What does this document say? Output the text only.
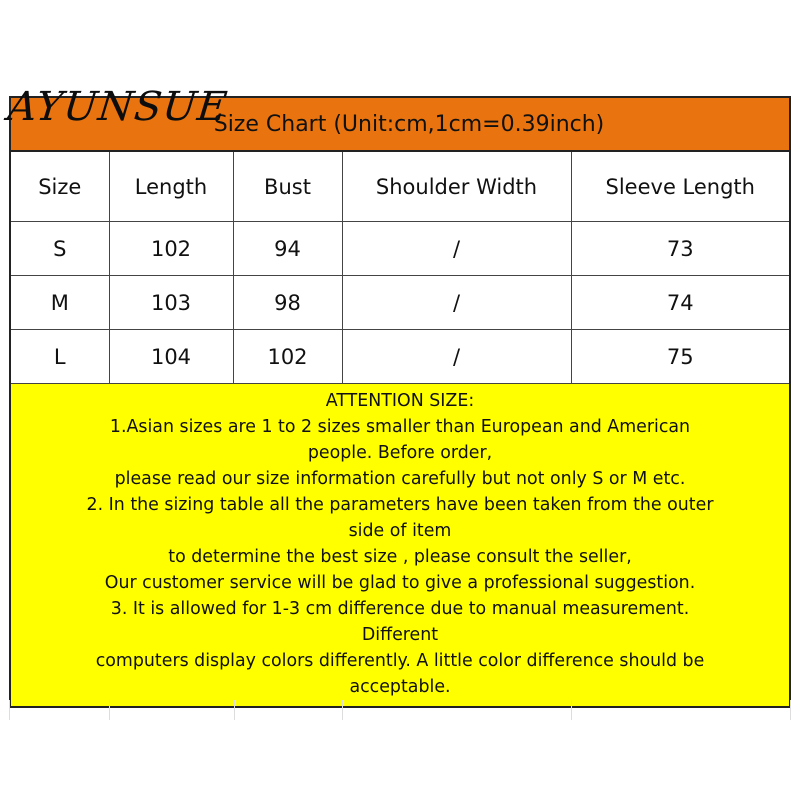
Size Chart (Unit:cm,1cm=0.39inch)
Size	Length	Bust	Shoulder Width	Sleeve Length
S	102	94	/	73
M	103	98	/	74
L	104	102	/	75
ATTENTION SIZE:
1.Asian sizes are 1 to 2 sizes smaller than European and American
people. Before order,
please read our size information carefully but not only S or M etc.
2. In the sizing table all the parameters have been taken from the outer
side of item
to determine the best size , please consult the seller,
Our customer service will be glad to give a professional suggestion.
3. It is allowed for 1-3 cm difference due to manual measurement.
Different
computers display colors differently. A little color difference should be
acceptable.
AYUNSUE
